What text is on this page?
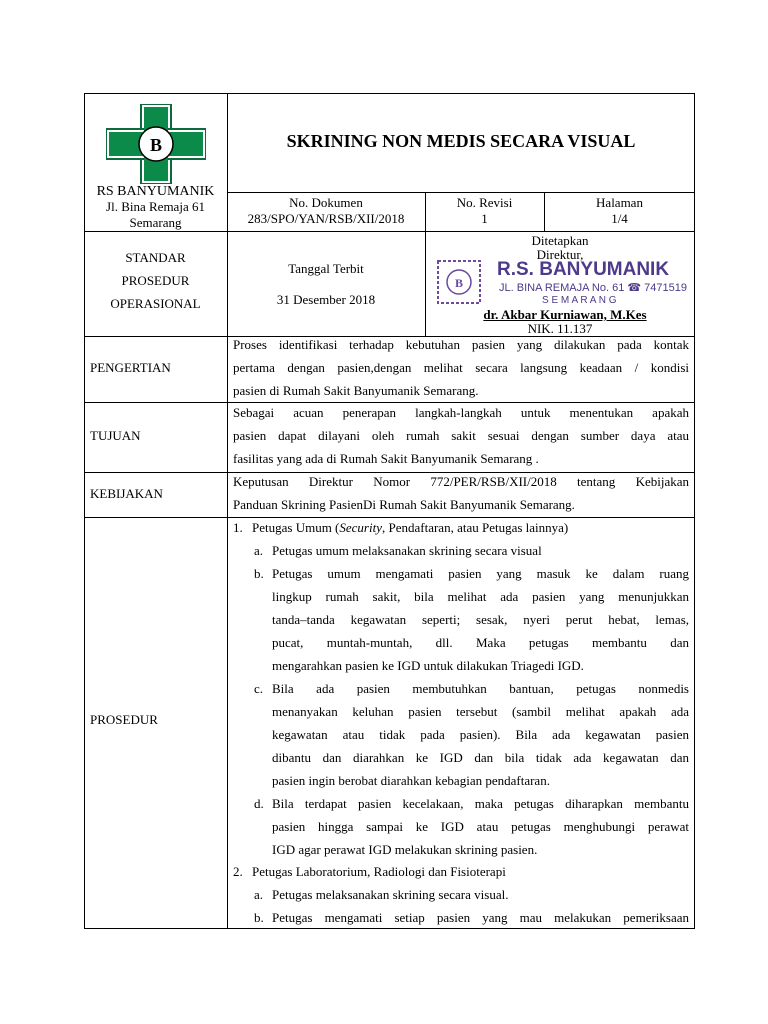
B
RS BANYUMANIK
Jl. Bina Remaja 61
Semarang
SKRINING NON MEDIS SECARA VISUAL
No. Dokumen
283/SPO/YAN/RSB/XII/2018
No. Revisi
1
Halaman
1/4
STANDAR
PROSEDUR
OPERASIONAL
Tanggal Terbit
31 Desember 2018
Ditetapkan
Direktur,
B
R.S. BANYUMANIK
JL. BINA REMAJA No. 61 ☎ 7471519
S E M A R A N G
dr. Akbar Kurniawan, M.Kes
NIK. 11.137
PENGERTIAN
Proses identifikasi terhadap kebutuhan pasien yang dilakukan pada kontak
pertama dengan pasien,dengan melihat secara langsung keadaan / kondisi
pasien di Rumah Sakit Banyumanik Semarang.
TUJUAN
Sebagai acuan penerapan langkah-langkah untuk menentukan apakah
pasien dapat dilayani oleh rumah sakit sesuai dengan sumber daya atau
fasilitas yang ada di Rumah Sakit Banyumanik Semarang .
KEBIJAKAN
Keputusan Direktur Nomor 772/PER/RSB/XII/2018 tentang Kebijakan
Panduan Skrining PasienDi Rumah Sakit Banyumanik Semarang.
PROSEDUR
1. Petugas Umum (Security, Pendaftaran, atau Petugas lainnya)
a. Petugas umum melaksanakan skrining secara visual
b. Petugas umum mengamati pasien yang masuk ke dalam ruang
lingkup rumah sakit, bila melihat ada pasien yang menunjukkan
tanda–tanda kegawatan seperti; sesak, nyeri perut hebat, lemas,
pucat, muntah-muntah, dll. Maka petugas membantu dan
mengarahkan pasien ke IGD untuk dilakukan Triagedi IGD.
c. Bila ada pasien membutuhkan bantuan, petugas nonmedis
menanyakan keluhan pasien tersebut (sambil melihat apakah ada
kegawatan atau tidak pada pasien). Bila ada kegawatan pasien
dibantu dan diarahkan ke IGD dan bila tidak ada kegawatan dan
pasien ingin berobat diarahkan kebagian pendaftaran.
d. Bila terdapat pasien kecelakaan, maka petugas diharapkan membantu
pasien hingga sampai ke IGD atau petugas menghubungi perawat
IGD agar perawat IGD melakukan skrining pasien.
2. Petugas Laboratorium, Radiologi dan Fisioterapi
a. Petugas melaksanakan skrining secara visual.
b. Petugas mengamati setiap pasien yang mau melakukan pemeriksaan
